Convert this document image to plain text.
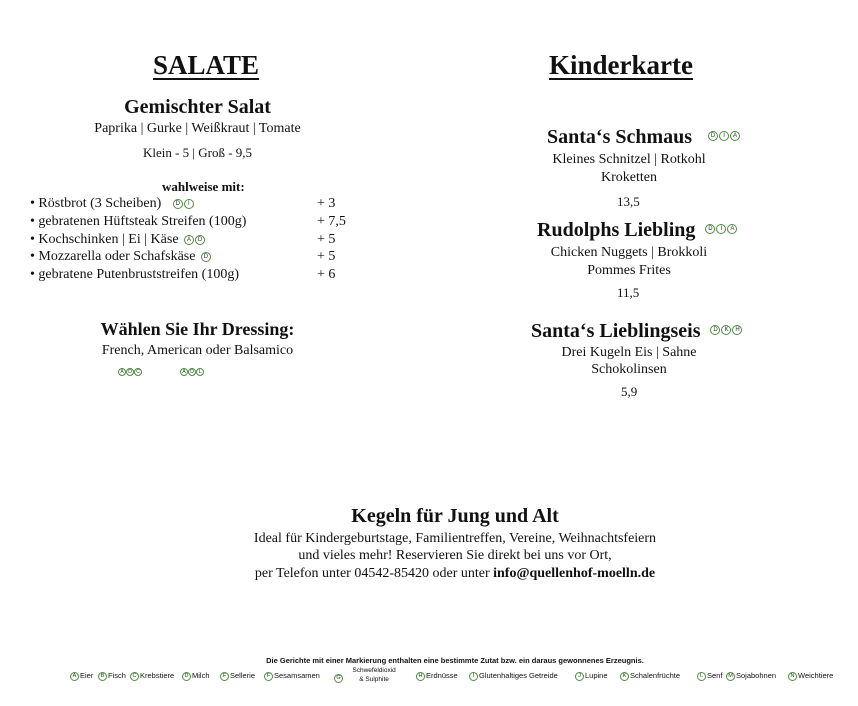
SALATE
Gemischter Salat
Paprika | Gurke | Weißkraut | Tomate
Klein - 5 | Groß - 9,5
wahlweise mit:
• Röstbrot (3 Scheiben) D I	+ 3
• gebratenen Hüftsteak Streifen (100g)	+ 7,5
• Kochschinken | Ei | Käse A D	+ 5
• Mozzarella oder Schafskäse D	+ 5
• gebratene Putenbruststreifen (100g)	+ 6
Wählen Sie Ihr Dressing:
French, American oder Balsamico
A D C	A D L
Kinderkarte
Santa‘s Schmaus	D I A
Kleines Schnitzel | Rotkohl
Kroketten
13,5
Rudolphs Liebling D I A
Chicken Nuggets | Brokkoli
Pommes Frites
11,5
Santa‘s Lieblingseis D K H
Drei Kugeln Eis | Sahne
Schokolinsen
5,9
Kegeln für Jung und Alt
Ideal für Kindergeburtstage, Familientreffen, Vereine, Weihnachtsfeiern
und vieles mehr! Reservieren Sie direkt bei uns vor Ort,
per Telefon unter 04542-85420 oder unter info@quellenhof-moelln.de
Die Gerichte mit einer Markierung enthalten eine bestimmte Zutat bzw. ein daraus gewonnenes Erzeugnis.
A Eier	B Fisch	C Krebstiere	D Milch	F Sellerie	F Sesamsamen	G Schwefeldioxid & Sulphite
H Erdnüsse	I Glutenhaltiges Getreide	J Lupine	K Schalenfrüchte	L Senf	M Sojabohnen	N Weichtiere
